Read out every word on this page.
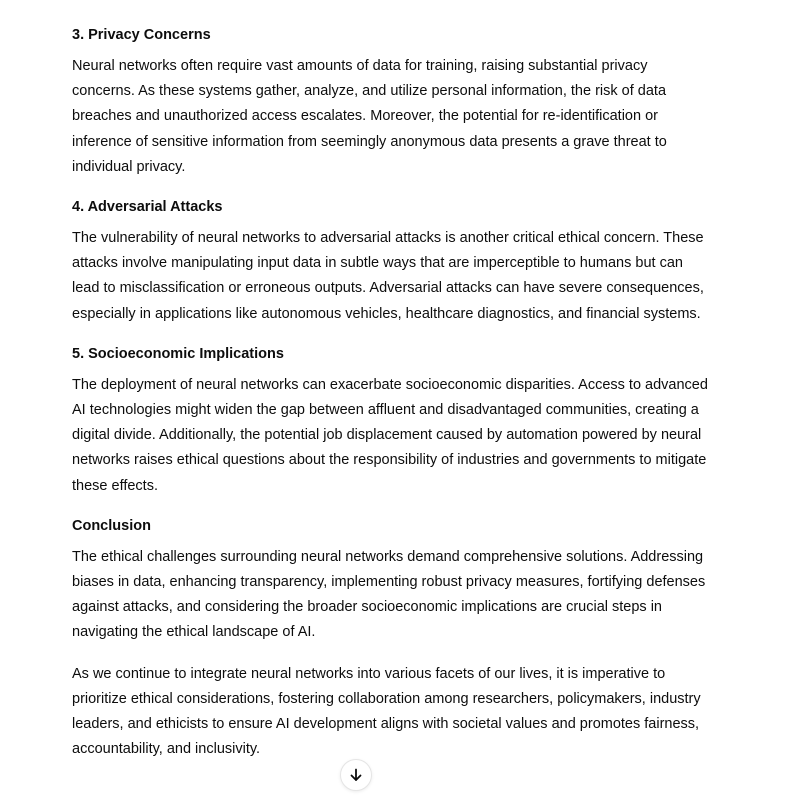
3. Privacy Concerns

Neural networks often require vast amounts of data for training, raising substantial privacy concerns. As these systems gather, analyze, and utilize personal information, the risk of data breaches and unauthorized access escalates. Moreover, the potential for re-identification or inference of sensitive information from seemingly anonymous data presents a grave threat to individual privacy.

4. Adversarial Attacks

The vulnerability of neural networks to adversarial attacks is another critical ethical concern. These attacks involve manipulating input data in subtle ways that are imperceptible to humans but can lead to misclassification or erroneous outputs. Adversarial attacks can have severe consequences, especially in applications like autonomous vehicles, healthcare diagnostics, and financial systems.

5. Socioeconomic Implications

The deployment of neural networks can exacerbate socioeconomic disparities. Access to advanced AI technologies might widen the gap between affluent and disadvantaged communities, creating a digital divide. Additionally, the potential job displacement caused by automation powered by neural networks raises ethical questions about the responsibility of industries and governments to mitigate these effects.

Conclusion

The ethical challenges surrounding neural networks demand comprehensive solutions. Addressing biases in data, enhancing transparency, implementing robust privacy measures, fortifying defenses against attacks, and considering the broader socioeconomic implications are crucial steps in navigating the ethical landscape of AI.

As we continue to integrate neural networks into various facets of our lives, it is imperative to prioritize ethical considerations, fostering collaboration among researchers, policymakers, industry leaders, and ethicists to ensure AI development aligns with societal values and promotes fairness, accountability, and inclusivity.
